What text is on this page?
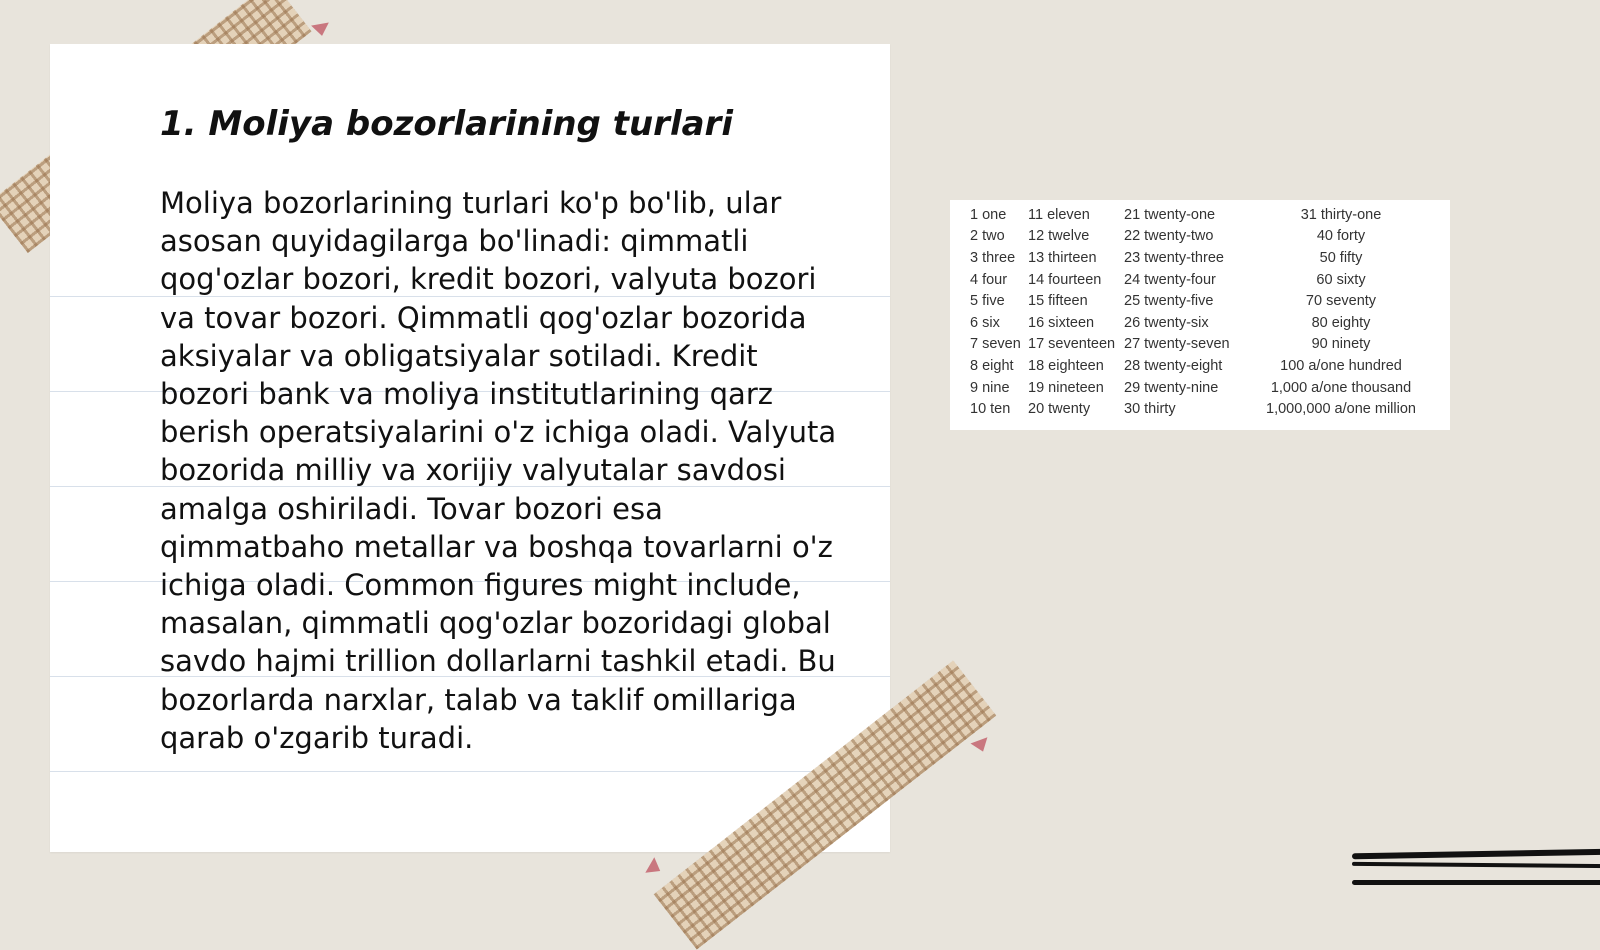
1. Moliya bozorlarining turlari

Moliya bozorlarining turlari ko'p bo'lib, ular asosan quyidagilarga bo'linadi: qimmatli qog'ozlar bozori, kredit bozori, valyuta bozori va tovar bozori. Qimmatli qog'ozlar bozorida aksiyalar va obligatsiyalar sotiladi. Kredit bozori bank va moliya institutlarining qarz berish operatsiyalarini o'z ichiga oladi. Valyuta bozorida milliy va xorijiy valyutalar savdosi amalga oshiriladi. Tovar bozori esa qimmatbaho metallar va boshqa tovarlarni o'z ichiga oladi. Common figures might include, masalan, qimmatli qog'ozlar bozoridagi global savdo hajmi trillion dollarlarni tashkil etadi. Bu bozorlarda narxlar, talab va taklif omillariga qarab o'zgarib turadi.

1 one	11 eleven	21 twenty-one	31 thirty-one
2 two	12 twelve	22 twenty-two	40 forty
3 three	13 thirteen	23 twenty-three	50 fifty
4 four	14 fourteen	24 twenty-four	60 sixty
5 five	15 fifteen	25 twenty-five	70 seventy
6 six	16 sixteen	26 twenty-six	80 eighty
7 seven	17 seventeen	27 twenty-seven	90 ninety
8 eight	18 eighteen	28 twenty-eight	100 a/one hundred
9 nine	19 nineteen	29 twenty-nine	1,000 a/one thousand
10 ten	20 twenty	30 thirty	1,000,000 a/one million
